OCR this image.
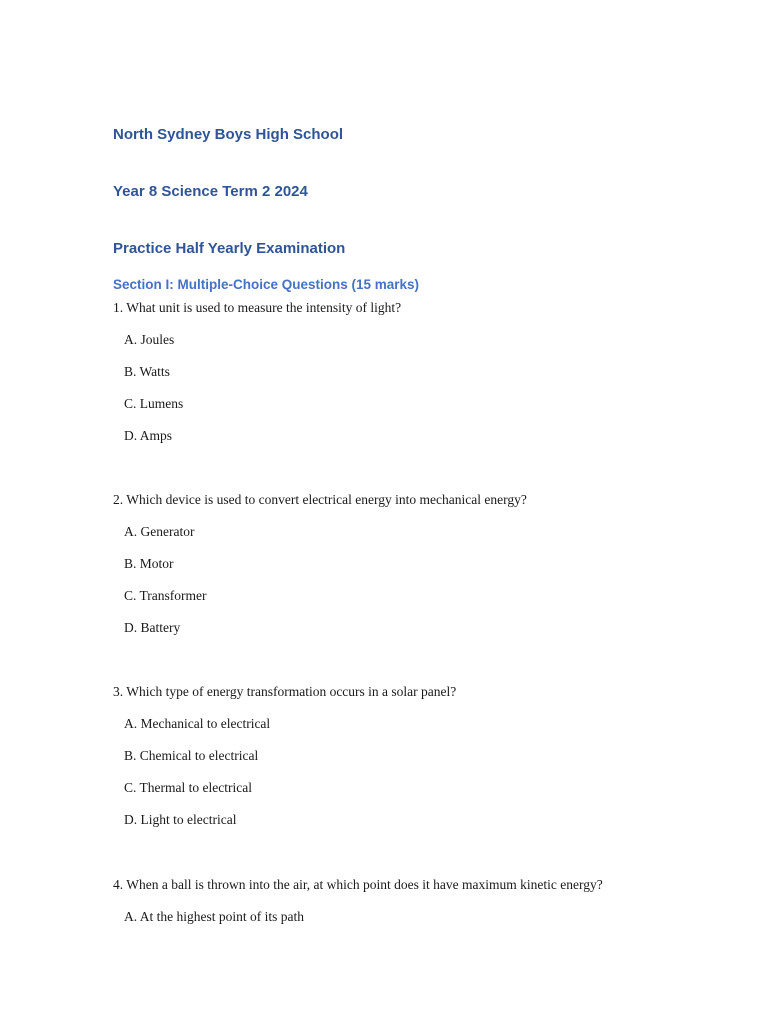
North Sydney Boys High School
Year 8 Science Term 2 2024
Practice Half Yearly Examination
Section I: Multiple-Choice Questions (15 marks)
1. What unit is used to measure the intensity of light?
A. Joules
B. Watts
C. Lumens
D. Amps
2. Which device is used to convert electrical energy into mechanical energy?
A. Generator
B. Motor
C. Transformer
D. Battery
3. Which type of energy transformation occurs in a solar panel?
A. Mechanical to electrical
B. Chemical to electrical
C. Thermal to electrical
D. Light to electrical
4. When a ball is thrown into the air, at which point does it have maximum kinetic energy?
A. At the highest point of its path
